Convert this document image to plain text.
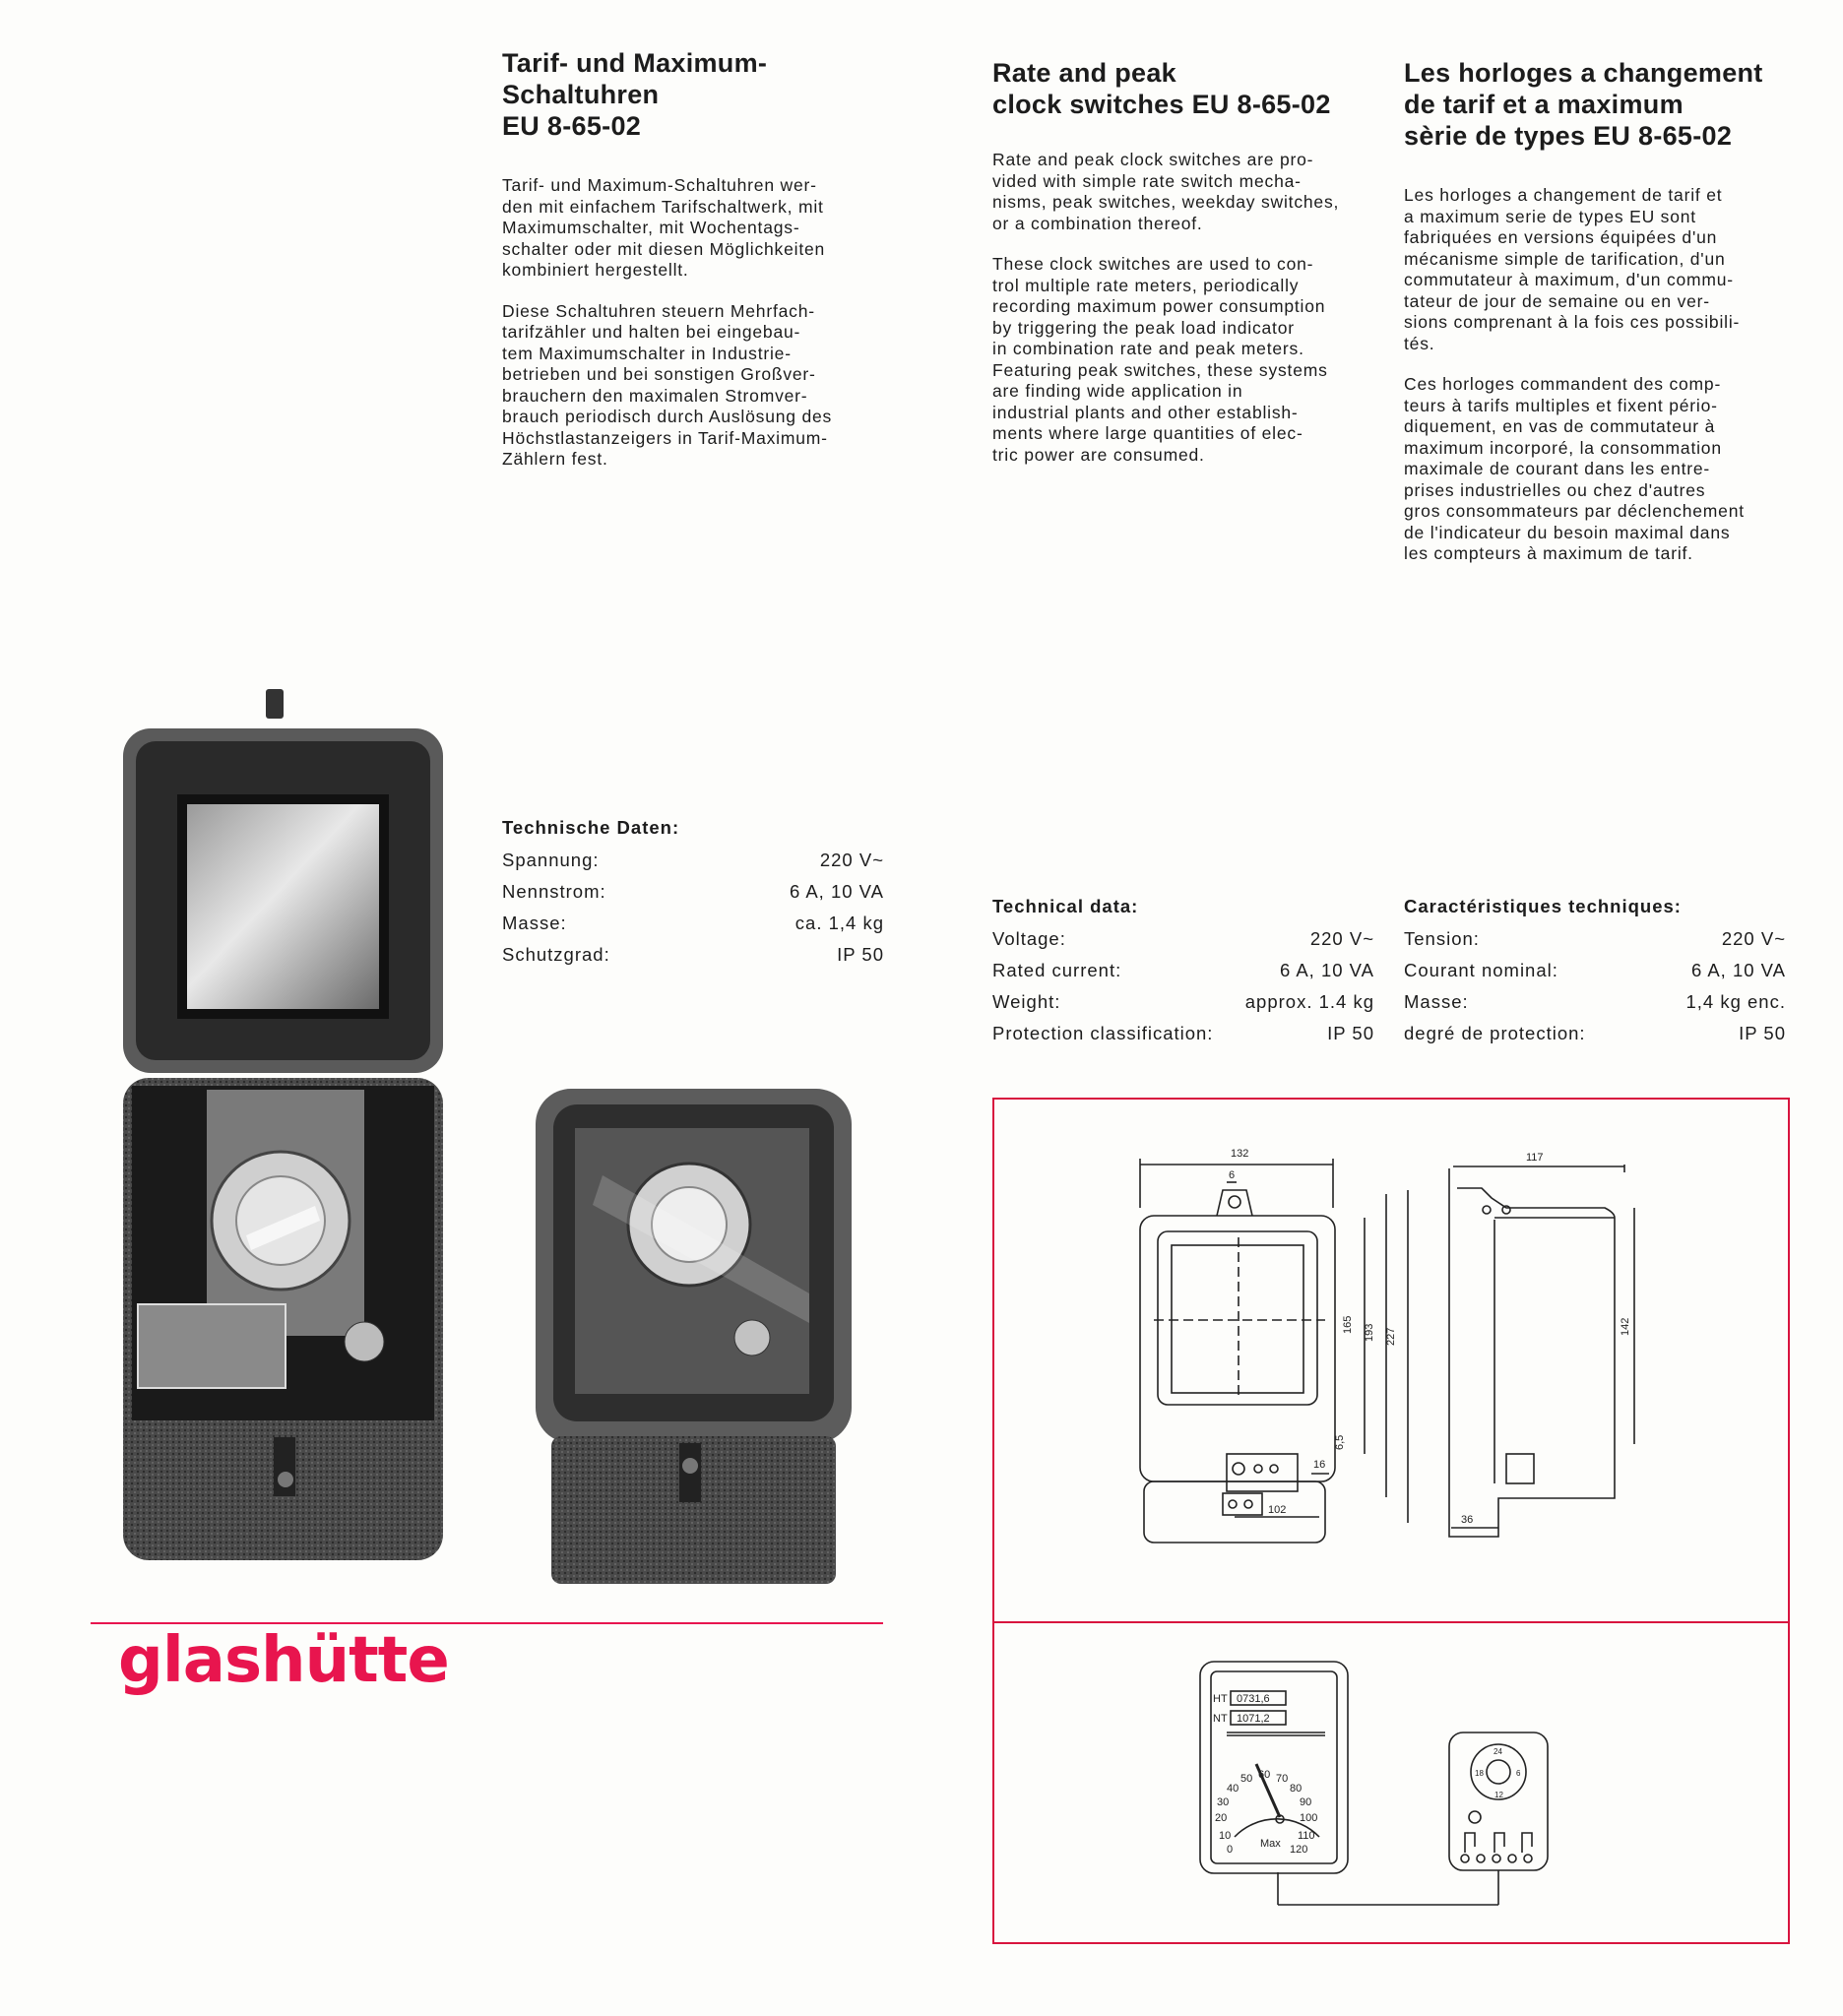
Tarif- und Maximum-
Schaltuhren
EU 8-65-02

Tarif- und Maximum-Schaltuhren wer-
den mit einfachem Tarifschaltwerk, mit
Maximumschalter, mit Wochentags-
schalter oder mit diesen Möglichkeiten
kombiniert hergestellt.

Diese Schaltuhren steuern Mehrfach-
tarifzähler und halten bei eingebau-
tem Maximumschalter in Industrie-
betrieben und bei sonstigen Großver-
brauchern den maximalen Stromver-
brauch periodisch durch Auslösung des
Höchstlastanzeigers in Tarif-Maximum-
Zählern fest.

Rate and peak
clock switches EU 8-65-02

Rate and peak clock switches are pro-
vided with simple rate switch mecha-
nisms, peak switches, weekday switches,
or a combination thereof.

These clock switches are used to con-
trol multiple rate meters, periodically
recording maximum power consumption
by triggering the peak load indicator
in combination rate and peak meters.
Featuring peak switches, these systems
are finding wide application in
industrial plants and other establish-
ments where large quantities of elec-
tric power are consumed.

Les horloges a changement
de tarif et a maximum
sèrie de types EU 8-65-02

Les horloges a changement de tarif et
a maximum serie de types EU sont
fabriquées en versions équipées d'un
mécanisme simple de tarification, d'un
commutateur à maximum, d'un commu-
tateur de jour de semaine ou en ver-
sions comprenant à la fois ces possibili-
tés.

Ces horloges commandent des comp-
teurs à tarifs multiples et fixent pério-
diquement, en vas de commutateur à
maximum incorporé, la consommation
maximale de courant dans les entre-
prises industrielles ou chez d'autres
gros consommateurs par déclenchement
de l'indicateur du besoin maximal dans
les compteurs à maximum de tarif.

Technische Daten:
Spannung:	220 V~
Nennstrom:	6 A, 10 VA
Masse:	ca. 1,4 kg
Schutzgrad:	IP 50
Technical data:
Voltage:	220 V~
Rated current:	6 A, 10 VA
Weight:	approx. 1.4 kg
Protection classification:	IP 50
Caractéristiques techniques:
Tension:	220 V~
Courant nominal:	6 A, 10 VA
Masse:	1,4 kg enc.
degré de protection:	IP 50
glashütte
132
6
117
165 193 227
142
6,5
16
102
36
HT 0731,6
NT 1071,2
0
10
20
30
40
50 60 70
80
90
100
110
120
Max
24
6
12
18
